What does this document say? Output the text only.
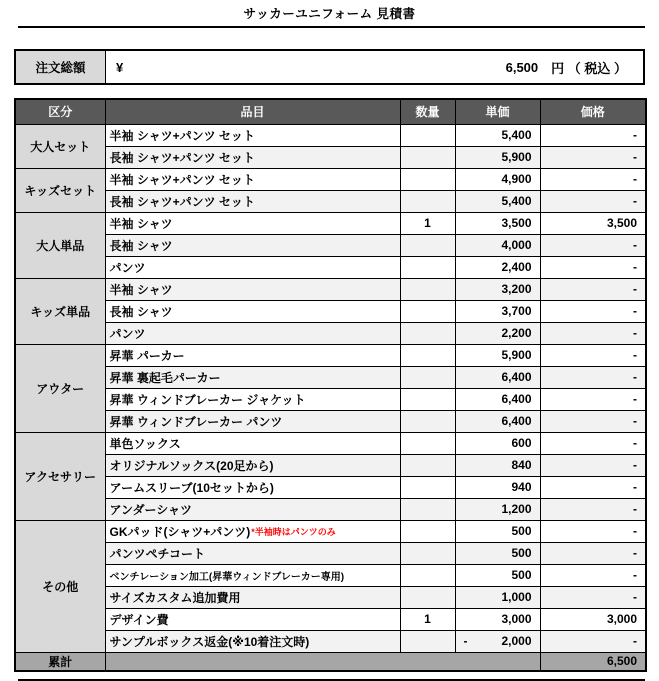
サッカーユニフォーム 見積書
注文総額	¥	6,500 円 （ 税込 ）
区分	品目	数量	単価	価格
大人セット	半袖 シャツ+パンツ セット		5,400	-
	長袖 シャツ+パンツ セット		5,900	-
キッズセット	半袖 シャツ+パンツ セット		4,900	-
	長袖 シャツ+パンツ セット		5,400	-
大人単品	半袖 シャツ	1	3,500	3,500
	長袖 シャツ		4,000	-
	パンツ		2,400	-
キッズ単品	半袖 シャツ		3,200	-
	長袖 シャツ		3,700	-
	パンツ		2,200	-
アウター	昇華 パーカー		5,900	-
	昇華 裏起毛パーカー		6,400	-
	昇華 ウィンドブレーカー ジャケット		6,400	-
	昇華 ウィンドブレーカー パンツ		6,400	-
アクセサリー	単色ソックス		600	-
	オリジナルソックス(20足から)		840	-
	アームスリーブ(10セットから)		940	-
	アンダーシャツ		1,200	-
その他	GKパッド(シャツ+パンツ)*半袖時はパンツのみ		500	-
	パンツペチコート		500	-
	ベンチレーション加工(昇華ウィンドブレーカー専用)		500	-
	サイズカスタム追加費用		1,000	-
	デザイン費	1	3,000	3,000
	サンプルボックス返金(※10着注文時)		- 2,000	-
累計				6,500
